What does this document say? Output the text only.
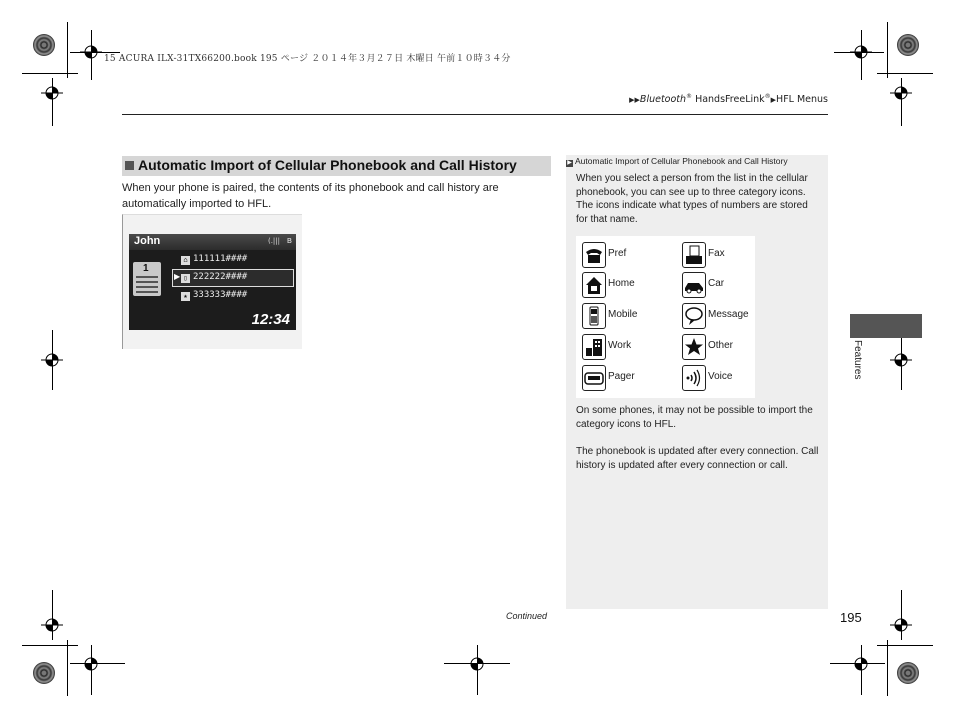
15 ACURA ILX-31TX66200.book 195 ページ ２０１４年３月２７日 木曜日 午前１０時３４分
▶▶Bluetooth® HandsFreeLink®▶HFL Menus
Automatic Import of Cellular Phonebook and Call History
When your phone is paired, the contents of its phonebook and call history are automatically imported to HFL.
John	(.||| ʙ
1
▶
⌂ 111111####
▯ 222222####
★ 333333####
12:34
▶ Automatic Import of Cellular Phonebook and Call History
When you select a person from the list in the cellular phonebook, you can see up to three category icons. The icons indicate what types of numbers are stored for that name.
Pref	Fax
Home	Car
Mobile	Message
Work	Other
Pager	Voice
On some phones, it may not be possible to import the category icons to HFL.
The phonebook is updated after every connection. Call history is updated after every connection or call.
Features
Continued	195
